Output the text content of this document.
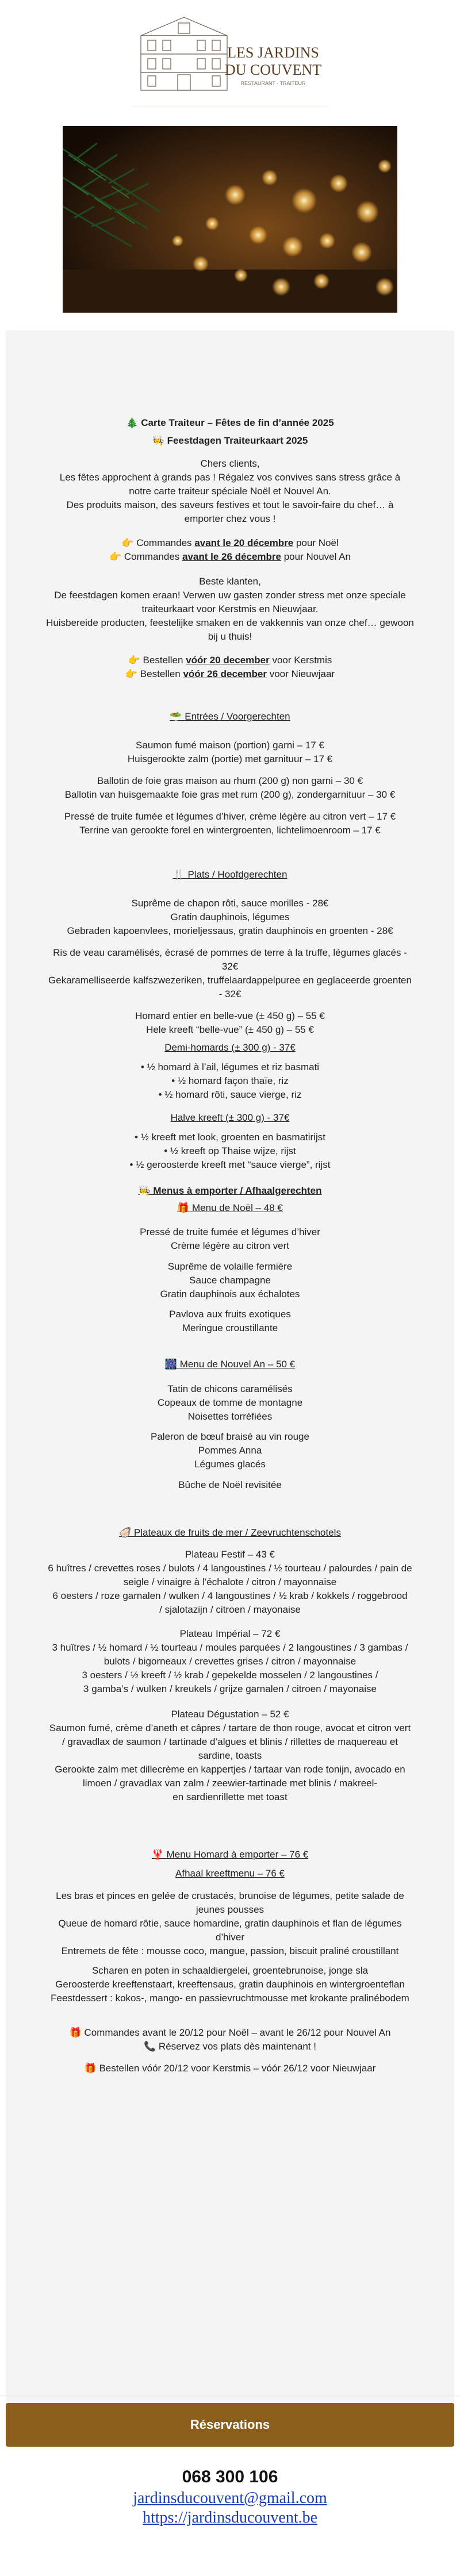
LES JARDINS
DU COUVENT
RESTAURANT · TRAITEUR
🎄 Carte Traiteur – Fêtes de fin d’année 2025
🧑‍🍳 Feestdagen Traiteurkaart 2025
Chers clients,
Les fêtes approchent à grands pas ! Régalez vos convives sans stress grâce à
notre carte traiteur spéciale Noël et Nouvel An.
Des produits maison, des saveurs festives et tout le savoir-faire du chef… à
emporter chez vous !
👉 Commandes avant le 20 décembre pour Noël
👉 Commandes avant le 26 décembre pour Nouvel An
Beste klanten,
De feestdagen komen eraan! Verwen uw gasten zonder stress met onze speciale
traiteurkaart voor Kerstmis en Nieuwjaar.
Huisbereide producten, feestelijke smaken en de vakkennis van onze chef… gewoon
bij u thuis!
👉 Bestellen vóór 20 december voor Kerstmis
👉 Bestellen vóór 26 december voor Nieuwjaar
🥗 Entrées / Voorgerechten
Saumon fumé maison (portion) garni – 17 €
Huisgerookte zalm (portie) met garnituur – 17 €
Ballotin de foie gras maison au rhum (200 g) non garni – 30 €
Ballotin van huisgemaakte foie gras met rum (200 g), zondergarnituur – 30 €
Pressé de truite fumée et légumes d’hiver, crème légère au citron vert – 17 €
Terrine van gerookte forel en wintergroenten, lichtelimoenroom – 17 €
🍴 Plats / Hoofdgerechten
Suprême de chapon rôti, sauce morilles - 28€
Gratin dauphinois, légumes
Gebraden kapoenvlees, morieljessaus, gratin dauphinois en groenten - 28€
Ris de veau caramélisés, écrasé de pommes de terre à la truffe, légumes glacés -
32€
Gekaramelliseerde kalfszwezeriken, truffelaardappelpuree en geglaceerde groenten
- 32€
Homard entier en belle-vue (± 450 g) – 55 €
Hele kreeft “belle-vue” (± 450 g) – 55 €
Demi-homards (± 300 g) - 37€
• ½ homard à l’ail, légumes et riz basmati
• ½ homard façon thaïe, riz
• ½ homard rôti, sauce vierge, riz
Halve kreeft (± 300 g) - 37€
• ½ kreeft met look, groenten en basmatirijst
• ½ kreeft op Thaise wijze, rijst
• ½ geroosterde kreeft met “sauce vierge”, rijst
🧑‍🍳 Menus à emporter / Afhaalgerechten
🎁 Menu de Noël – 48 €
Pressé de truite fumée et légumes d’hiver
Crème légère au citron vert
Suprême de volaille fermière
Sauce champagne
Gratin dauphinois aux échalotes
Pavlova aux fruits exotiques
Meringue croustillante
🎆 Menu de Nouvel An – 50 €
Tatin de chicons caramélisés
Copeaux de tomme de montagne
Noisettes torréfiées
Paleron de bœuf braisé au vin rouge
Pommes Anna
Légumes glacés
Bûche de Noël revisitée
🦪 Plateaux de fruits de mer / Zeevruchtenschotels
Plateau Festif – 43 €
6 huîtres / crevettes roses / bulots / 4 langoustines / ½ tourteau / palourdes / pain de
seigle / vinaigre à l’échalote / citron / mayonnaise
6 oesters / roze garnalen / wulken / 4 langoustines / ½ krab / kokkels / roggebrood
/ sjalotazijn / citroen / mayonaise
Plateau Impérial – 72 €
3 huîtres / ½ homard / ½ tourteau / moules parquées / 2 langoustines / 3 gambas /
bulots / bigorneaux / crevettes grises / citron / mayonnaise
3 oesters / ½ kreeft / ½ krab / gepekelde mosselen / 2 langoustines /
3 gamba’s / wulken / kreukels / grijze garnalen / citroen / mayonaise
Plateau Dégustation – 52 €
Saumon fumé, crème d’aneth et câpres / tartare de thon rouge, avocat et citron vert
/ gravadlax de saumon / tartinade d’algues et blinis / rillettes de maquereau et
sardine, toasts
Gerookte zalm met dillecrème en kappertjes / tartaar van rode tonijn, avocado en
limoen / gravadlax van zalm / zeewier-tartinade met blinis / makreel-
en sardienrillette met toast
🦞 Menu Homard à emporter – 76 €
Afhaal kreeftmenu – 76 €
Les bras et pinces en gelée de crustacés, brunoise de légumes, petite salade de
jeunes pousses
Queue de homard rôtie, sauce homardine, gratin dauphinois et flan de légumes
d’hiver
Entremets de fête : mousse coco, mangue, passion, biscuit praliné croustillant
Scharen en poten in schaaldiergelei, groentebrunoise, jonge sla
Geroosterde kreeftenstaart, kreeftensaus, gratin dauphinois en wintergroenteflan
Feestdessert : kokos-, mango- en passievruchtmousse met krokante pralinébodem
🎁 Commandes avant le 20/12 pour Noël – avant le 26/12 pour Nouvel An
📞 Réservez vos plats dès maintenant !
🎁 Bestellen vóór 20/12 voor Kerstmis – vóór 26/12 voor Nieuwjaar
Réservations
068 300 106
jardinsducouvent@gmail.com
https://jardinsducouvent.be
